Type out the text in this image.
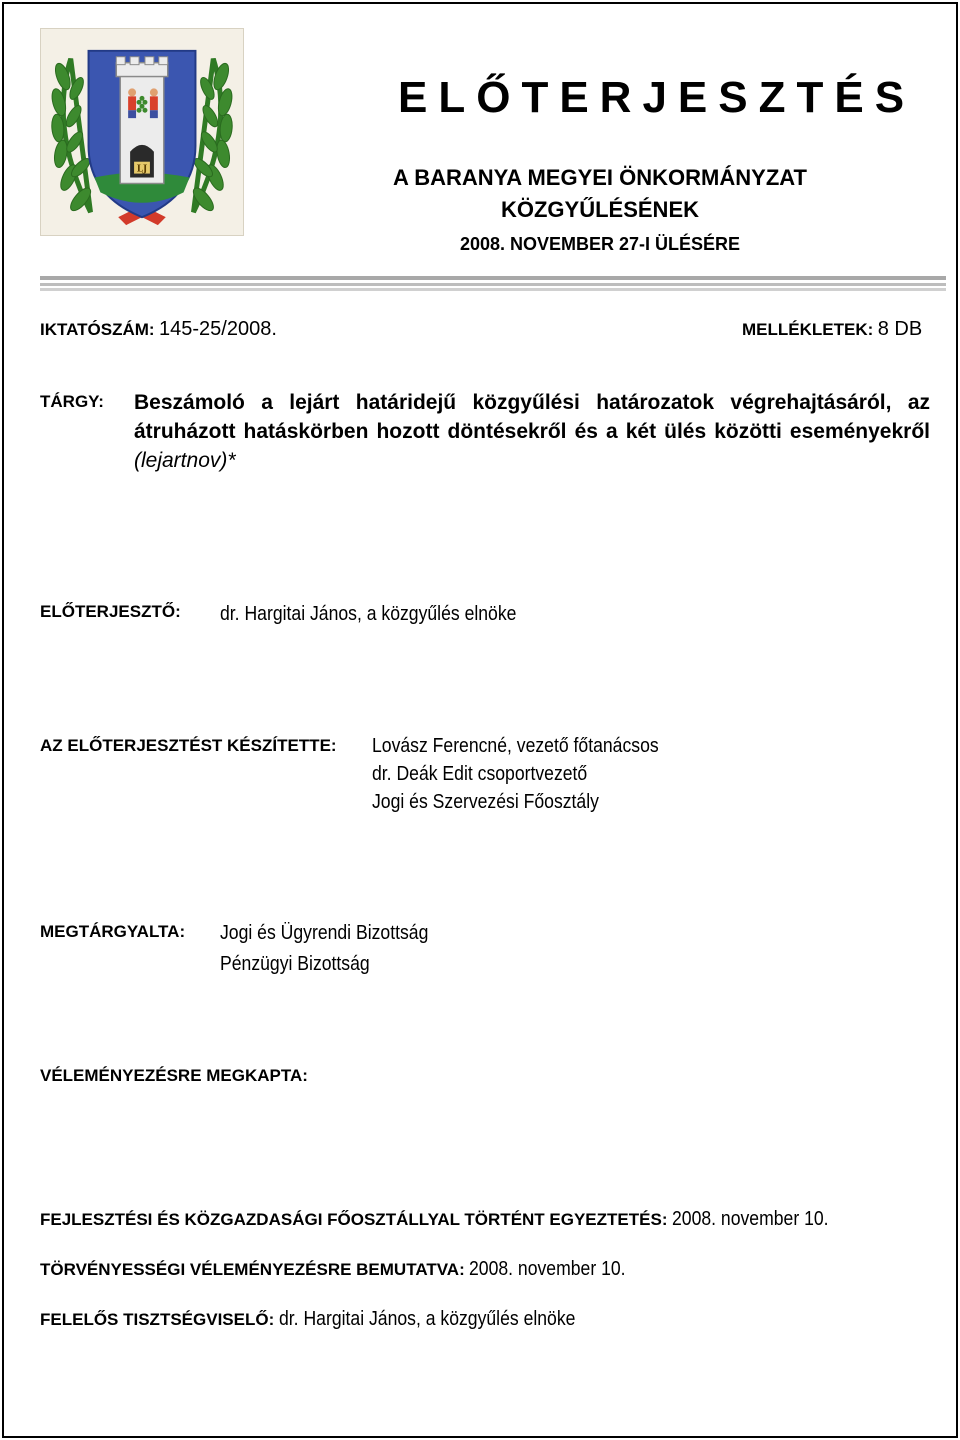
LJ
ELŐTERJESZTÉS
A BARANYA MEGYEI ÖNKORMÁNYZAT
KÖZGYŰLÉSÉNEK
2008. NOVEMBER 27-I ÜLÉSÉRE
IKTATÓSZÁM: 145-25/2008.	MELLÉKLETEK: 8 DB
TÁRGY: Beszámoló a lejárt határidejű közgyűlési határozatok végrehajtásáról, az átruházott hatáskörben hozott döntésekről és a két ülés közötti eseményekről (lejartnov)*
ELŐTERJESZTŐ: dr. Hargitai János, a közgyűlés elnöke
AZ ELŐTERJESZTÉST KÉSZÍTETTE: Lovász Ferencné, vezető főtanácsos
dr. Deák Edit csoportvezető
Jogi és Szervezési Főosztály
MEGTÁRGYALTA: Jogi és Ügyrendi Bizottság
Pénzügyi Bizottság
VÉLEMÉNYEZÉSRE MEGKAPTA:
FEJLESZTÉSI ÉS KÖZGAZDASÁGI FŐOSZTÁLLYAL TÖRTÉNT EGYEZTETÉS: 2008. november 10.
TÖRVÉNYESSÉGI VÉLEMÉNYEZÉSRE BEMUTATVA: 2008. november 10.
FELELŐS TISZTSÉGVISELŐ: dr. Hargitai János, a közgyűlés elnöke
